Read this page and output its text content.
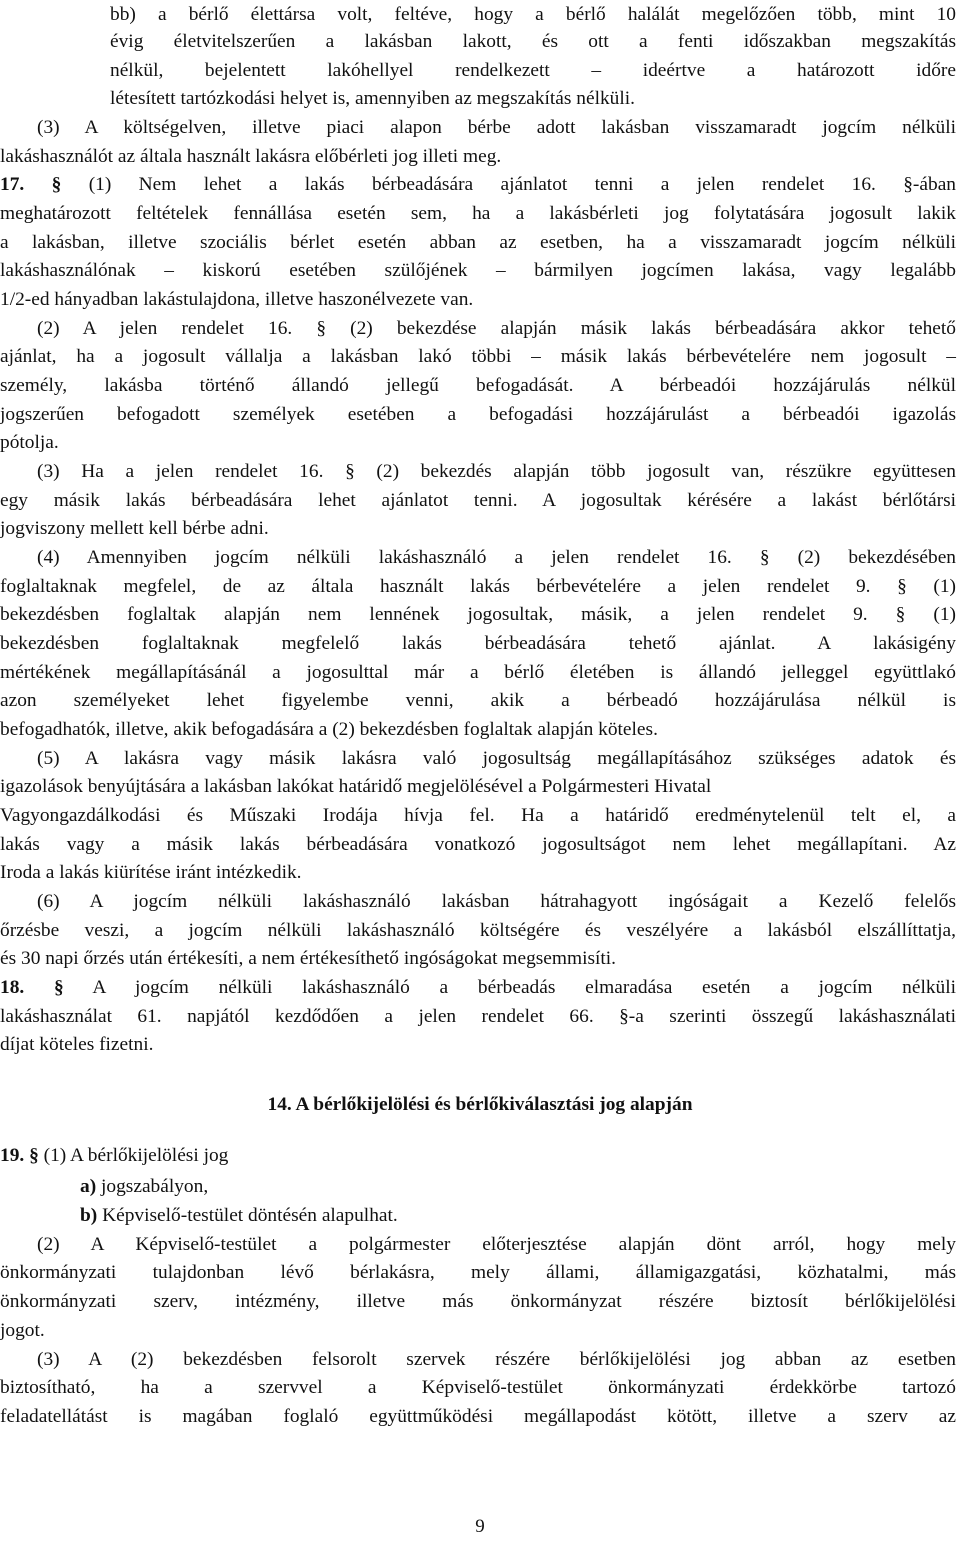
bb) a bérlő élettársa volt, feltéve, hogy a bérlő halálát megelőzően több, mint 10
évig életvitelszerűen a lakásban lakott, és ott a fenti időszakban megszakítás
nélkül, bejelentett lakóhellyel rendelkezett – ideértve a határozott időre
létesített tartózkodási helyet is, amennyiben az megszakítás nélküli.
(3) A költségelven, illetve piaci alapon bérbe adott lakásban visszamaradt jogcím nélküli
lakáshasználót az általa használt lakásra előbérleti jog illeti meg.
17. § (1) Nem lehet a lakás bérbeadására ajánlatot tenni a jelen rendelet 16. §-ában
meghatározott feltételek fennállása esetén sem, ha a lakásbérleti jog folytatására jogosult lakik
a lakásban, illetve szociális bérlet esetén abban az esetben, ha a visszamaradt jogcím nélküli
lakáshasználónak – kiskorú esetében szülőjének – bármilyen jogcímen lakása, vagy legalább
1/2-ed hányadban lakástulajdona, illetve haszonélvezete van.
(2) A jelen rendelet 16. § (2) bekezdése alapján másik lakás bérbeadására akkor tehető
ajánlat, ha a jogosult vállalja a lakásban lakó többi – másik lakás bérbevételére nem jogosult –
személy, lakásba történő állandó jellegű befogadását. A bérbeadói hozzájárulás nélkül
jogszerűen befogadott személyek esetében a befogadási hozzájárulást a bérbeadói igazolás
pótolja.
(3) Ha a jelen rendelet 16. § (2) bekezdés alapján több jogosult van, részükre együttesen
egy másik lakás bérbeadására lehet ajánlatot tenni. A jogosultak kérésére a lakást bérlőtársi
jogviszony mellett kell bérbe adni.
(4) Amennyiben jogcím nélküli lakáshasználó a jelen rendelet 16. § (2) bekezdésében
foglaltaknak megfelel, de az általa használt lakás bérbevételére a jelen rendelet 9. § (1)
bekezdésben foglaltak alapján nem lennének jogosultak, másik, a jelen rendelet 9. § (1)
bekezdésben foglaltaknak megfelelő lakás bérbeadására tehető ajánlat. A lakásigény
mértékének megállapításánál a jogosulttal már a bérlő életében is állandó jelleggel együttlakó
azon személyeket lehet figyelembe venni, akik a bérbeadó hozzájárulása nélkül is
befogadhatók, illetve, akik befogadására a (2) bekezdésben foglaltak alapján köteles.
(5) A lakásra vagy másik lakásra való jogosultság megállapításához szükséges adatok és
igazolások benyújtására a lakásban lakókat határidő megjelölésével a Polgármesteri Hivatal
Vagyongazdálkodási és Műszaki Irodája hívja fel. Ha a határidő eredménytelenül telt el, a
lakás vagy a másik lakás bérbeadására vonatkozó jogosultságot nem lehet megállapítani. Az
Iroda a lakás kiürítése iránt intézkedik.
(6) A jogcím nélküli lakáshasználó lakásban hátrahagyott ingóságait a Kezelő felelős
őrzésbe veszi, a jogcím nélküli lakáshasználó költségére és veszélyére a lakásból elszállíttatja,
és 30 napi őrzés után értékesíti, a nem értékesíthető ingóságokat megsemmisíti.
18. § A jogcím nélküli lakáshasználó a bérbeadás elmaradása esetén a jogcím nélküli
lakáshasználat 61. napjától kezdődően a jelen rendelet 66. §-a szerinti összegű lakáshasználati
díjat köteles fizetni.
14. A bérlőkijelölési és bérlőkiválasztási jog alapján
19. § (1) A bérlőkijelölési jog
a) jogszabályon,
b) Képviselő-testület döntésén alapulhat.
(2) A Képviselő-testület a polgármester előterjesztése alapján dönt arról, hogy mely
önkormányzati tulajdonban lévő bérlakásra, mely állami, államigazgatási, közhatalmi, más
önkormányzati szerv, intézmény, illetve más önkormányzat részére biztosít bérlőkijelölési
jogot.
(3) A (2) bekezdésben felsorolt szervek részére bérlőkijelölési jog abban az esetben
biztosítható, ha a szervvel a Képviselő-testület önkormányzati érdekkörbe tartozó
feladatellátást is magában foglaló együttműködési megállapodást kötött, illetve a szerv az
9
